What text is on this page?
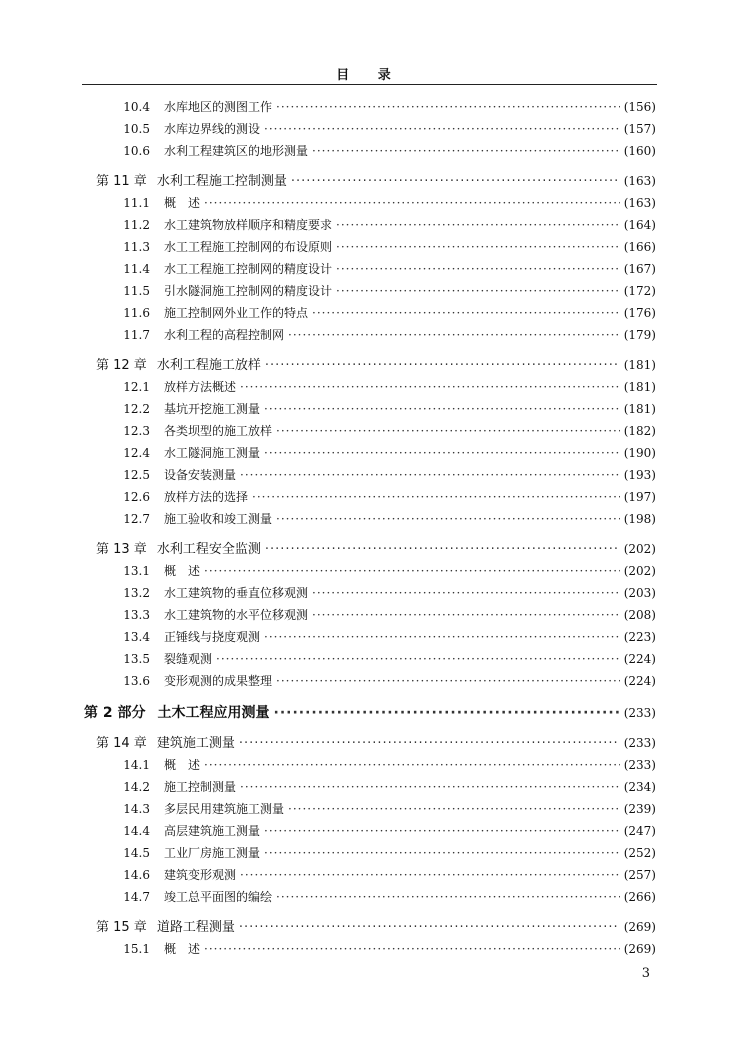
目 录
10.4	水库地区的测图工作 ·····	(156)
10.5	水库边界线的测设 ·····	(157)
10.6	水利工程建筑区的地形测量 ·····	(160)
第 11 章 水利工程施工控制测量 ·····	(163)
11.1	概　述 ·····	(163)
11.2	水工建筑物放样顺序和精度要求 ·····	(164)
11.3	水工工程施工控制网的布设原则 ·····	(166)
11.4	水工工程施工控制网的精度设计 ·····	(167)
11.5	引水隧洞施工控制网的精度设计 ·····	(172)
11.6	施工控制网外业工作的特点 ·····	(176)
11.7	水利工程的高程控制网 ·····	(179)
第 12 章 水利工程施工放样 ·····	(181)
12.1	放样方法概述 ·····	(181)
12.2	基坑开挖施工测量 ·····	(181)
12.3	各类坝型的施工放样 ·····	(182)
12.4	水工隧洞施工测量 ·····	(190)
12.5	设备安装测量 ·····	(193)
12.6	放样方法的选择 ·····	(197)
12.7	施工验收和竣工测量 ·····	(198)
第 13 章 水利工程安全监测 ·····	(202)
13.1	概　述 ·····	(202)
13.2	水工建筑物的垂直位移观测 ·····	(203)
13.3	水工建筑物的水平位移观测 ·····	(208)
13.4	正锤线与挠度观测 ·····	(223)
13.5	裂缝观测 ·····	(224)
13.6	变形观测的成果整理 ·····	(224)
第 2 部分 土木工程应用测量 ·····	(233)
第 14 章 建筑施工测量 ·····	(233)
14.1	概　述 ·····	(233)
14.2	施工控制测量 ·····	(234)
14.3	多层民用建筑施工测量 ·····	(239)
14.4	高层建筑施工测量 ·····	(247)
14.5	工业厂房施工测量 ·····	(252)
14.6	建筑变形观测 ·····	(257)
14.7	竣工总平面图的编绘 ·····	(266)
第 15 章 道路工程测量 ·····	(269)
15.1	概　述 ·····	(269)
3
